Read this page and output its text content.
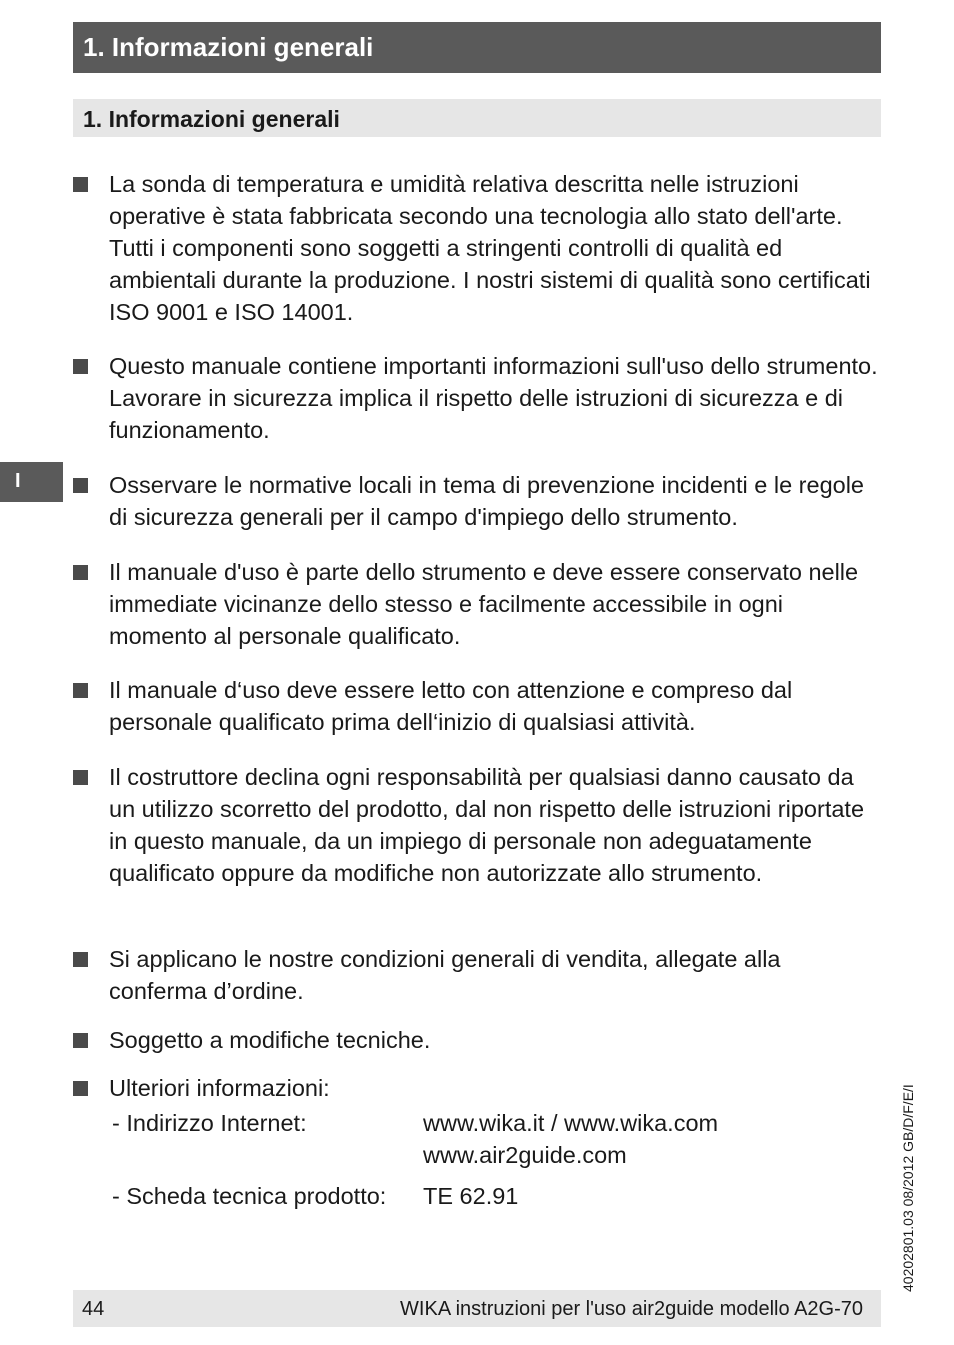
1. Informazioni generali
1. Informazioni generali
I
La sonda di temperatura e umidità relativa descritta nelle istruzioni operative è stata fabbricata secondo una tecnologia allo stato dell'arte. Tutti i componenti sono soggetti a stringenti controlli di qualità ed ambientali durante la produzione. I nostri sistemi di qualità sono certificati ISO 9001 e ISO 14001.
Questo manuale contiene importanti informazioni sull'uso dello strumento. Lavorare in sicurezza implica il rispetto delle istruzioni di sicurezza e di funzionamento.
Osservare le normative locali in tema di prevenzione incidenti e le regole di sicurezza generali per il campo d'impiego dello strumento.
Il manuale d'uso è parte dello strumento e deve essere conservato nelle immediate vicinanze dello stesso e facilmente accessibile in ogni momento al personale qualificato.
Il manuale d‘uso deve essere letto con attenzione e compreso dal personale qualificato prima dell‘inizio di qualsiasi attività.
Il costruttore declina ogni responsabilità per qualsiasi danno causato da un utilizzo scorretto del prodotto, dal non rispetto delle istruzioni riportate in questo manuale, da un impiego di personale non adeguatamente qualificato oppure da modifiche non autorizzate allo strumento.
Si applicano le nostre condizioni generali di vendita, allegate alla conferma d’ordine.
Soggetto a modifiche tecniche.
Ulteriori informazioni:
- Indirizzo Internet:	www.wika.it / www.wika.com
www.air2guide.com
- Scheda tecnica prodotto: TE 62.91	40202801.03 08/2012 GB/D/F/E/I
44	WIKA instruzioni per l'uso air2guide modello A2G-70
